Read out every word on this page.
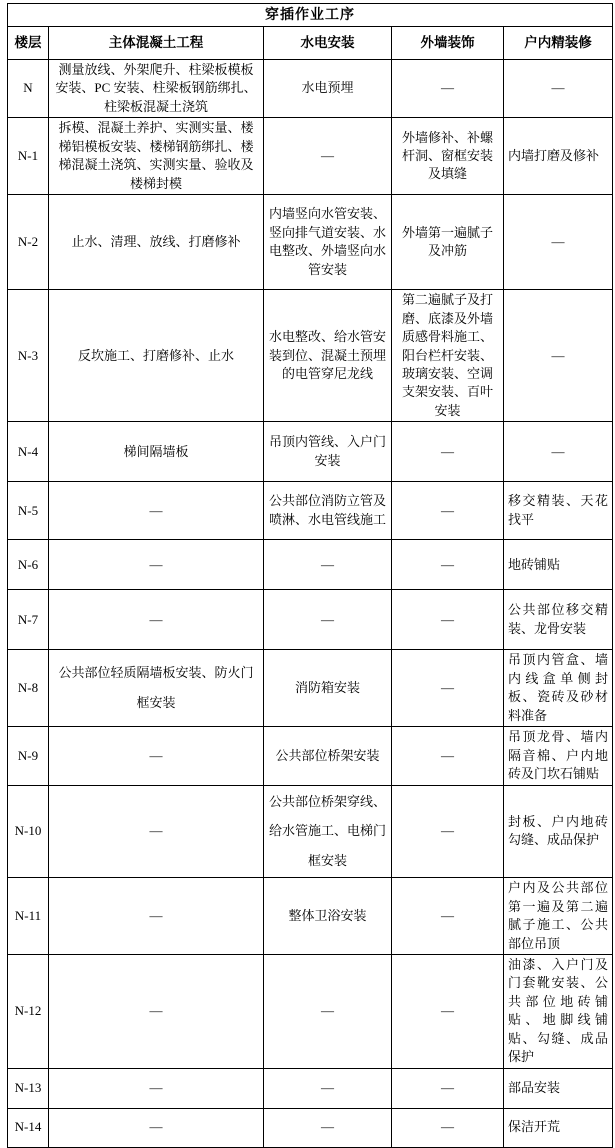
穿插作业工序				
楼层	主体混凝土工程	水电安装	外墙装饰	户内精装修
N	测量放线、外架爬升、柱梁板模板安装、PC 安装、柱梁板钢筋绑扎、柱梁板混凝土浇筑	水电预埋	—	—
N-1	拆模、混凝土养护、实测实量、楼梯铝模板安装、楼梯钢筋绑扎、楼梯混凝土浇筑、实测实量、验收及楼梯封模	—	外墙修补、补螺杆洞、窗框安装及填缝	内墙打磨及修补
N-2	止水、清理、放线、打磨修补	内墙竖向水管安装、竖向排气道安装、水电整改、外墙竖向水管安装	外墙第一遍腻子及冲筋	—
N-3	反坎施工、打磨修补、止水	水电整改、给水管安装到位、混凝土预埋的电管穿尼龙线	第二遍腻子及打磨、底漆及外墙质感骨料施工、阳台栏杆安装、玻璃安装、空调支架安装、百叶安装	—
N-4	梯间隔墙板	吊顶内管线、入户门安装	—	—
N-5	—	公共部位消防立管及喷淋、水电管线施工	—	移交精装、天花找平
N-6	—	—	—	地砖铺贴
N-7	—	—	—	公共部位移交精装、龙骨安装
N-8	公共部位轻质隔墙板安装、防火门框安装	消防箱安装	—	吊顶内管盒、墙内线盒单侧封板、瓷砖及砂材料准备
N-9	—	公共部位桥架安装	—	吊顶龙骨、墙内隔音棉、户内地砖及门坎石铺贴
N-10	—	公共部位桥架穿线、给水管施工、电梯门框安装	—	封板、户内地砖勾缝、成品保护
N-11	—	整体卫浴安装	—	户内及公共部位第一遍及第二遍腻子施工、公共部位吊顶
N-12	—	—	—	油漆、入户门及门套靴安装、公共部位地砖铺贴、地脚线铺贴、勾缝、成品保护
N-13	—	—	—	部品安装
N-14	—	—	—	保洁开荒
